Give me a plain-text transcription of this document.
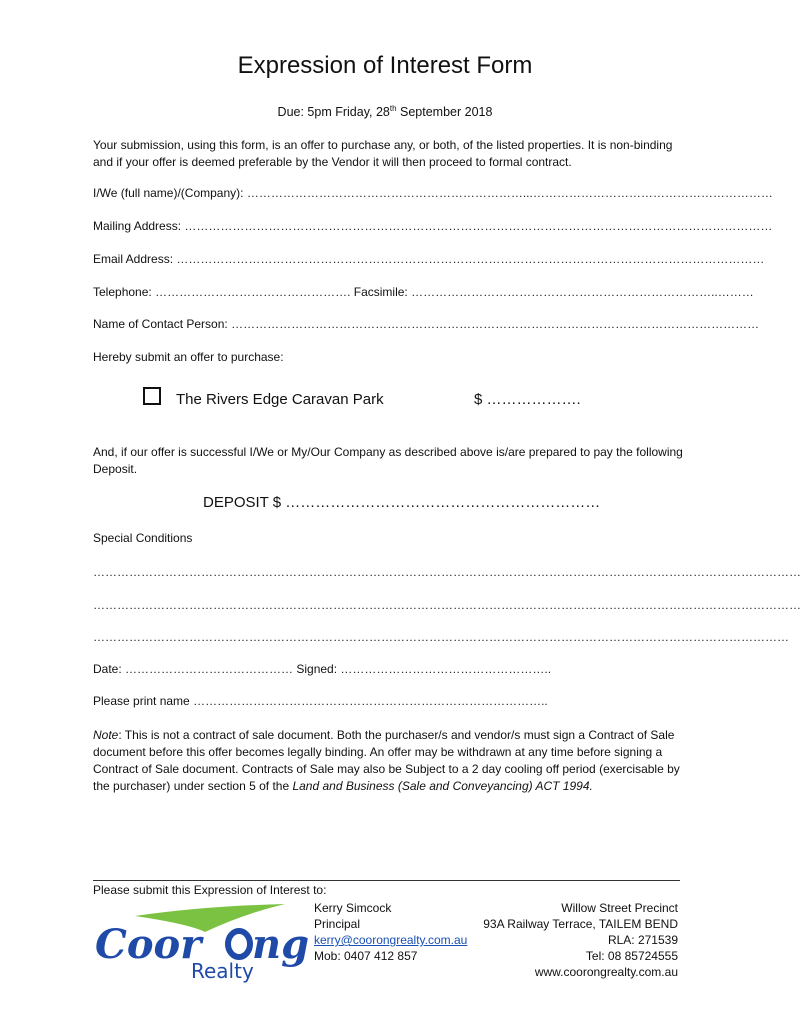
Expression of Interest Form
Due: 5pm Friday, 28th September 2018
Your submission, using this form, is an offer to purchase any, or both, of the listed properties. It is non-binding and if your offer is deemed preferable by the Vendor it will then proceed to formal contract.
I/We (full name)/(Company): ……………………………………………………………...……………………………………………………
Mailing Address: …………………………………………………………………………………………………………………………………
Email Address: …………………………………………………………………………………………………………………………………
Telephone: …………………………………………. Facsimile: …………………………………………………………………..………
Name of Contact Person: ……………………………………………………………………………………………………………………
Hereby submit an offer to purchase:
The Rivers Edge Caravan Park	$ ……………….
And, if our offer is successful I/We or My/Our Company as described above is/are prepared to pay the following Deposit.
DEPOSIT $ ………………………………………………………
Special Conditions
……………………………………………………………………………………………………………………………………………………………
……………………………………………………………………………………………………………………………………………………………
…………………………………………………………………………………………………………………………………………………………
Date: …………………………………… Signed: ……………………………………………..
Please print name ……………………………………………………………………………..
Note: This is not a contract of sale document. Both the purchaser/s and vendor/s must sign a Contract of Sale document before this offer becomes legally binding. An offer may be withdrawn at any time before signing a Contract of Sale document. Contracts of Sale may also be Subject to a 2 day cooling off period (exercisable by the purchaser) under section 5 of the Land and Business (Sale and Conveyancing) ACT 1994.
Please submit this Expression of Interest to:
Coor ng
Realty
Kerry Simcock
Principal
kerry@coorongrealty.com.au
Mob: 0407 412 857
Willow Street Precinct
93A Railway Terrace, TAILEM BEND
RLA: 271539
Tel: 08 85724555
www.coorongrealty.com.au
